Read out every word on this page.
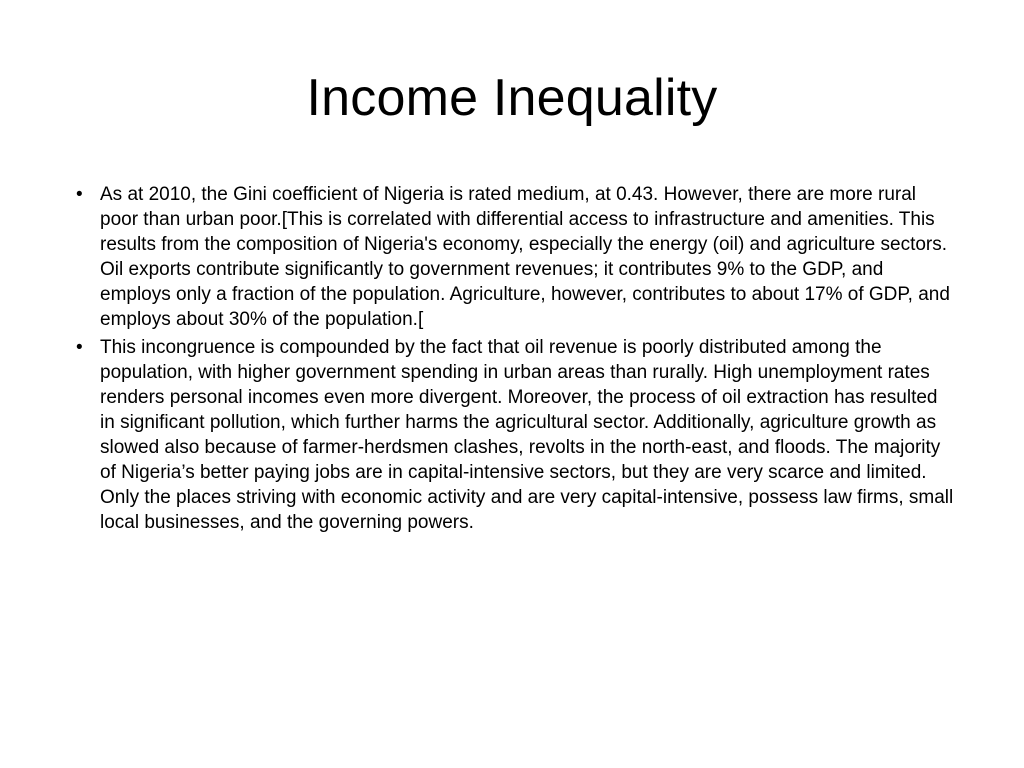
Income Inequality
• As at 2010, the Gini coefficient of Nigeria is rated medium, at 0.43. However, there are more rural poor than urban poor.[This is correlated with differential access to infrastructure and amenities. This results from the composition of Nigeria's economy, especially the energy (oil) and agriculture sectors. Oil exports contribute significantly to government revenues; it contributes 9% to the GDP, and employs only a fraction of the population. Agriculture, however, contributes to about 17% of GDP, and employs about 30% of the population.[
• This incongruence is compounded by the fact that oil revenue is poorly distributed among the population, with higher government spending in urban areas than rurally. High unemployment rates renders personal incomes even more divergent. Moreover, the process of oil extraction has resulted in significant pollution, which further harms the agricultural sector. Additionally, agriculture growth as slowed also because of farmer-herdsmen clashes, revolts in the north-east, and floods. The majority of Nigeria’s better paying jobs are in capital-intensive sectors, but they are very scarce and limited. Only the places striving with economic activity and are very capital-intensive, possess law firms, small local businesses, and the governing powers.
